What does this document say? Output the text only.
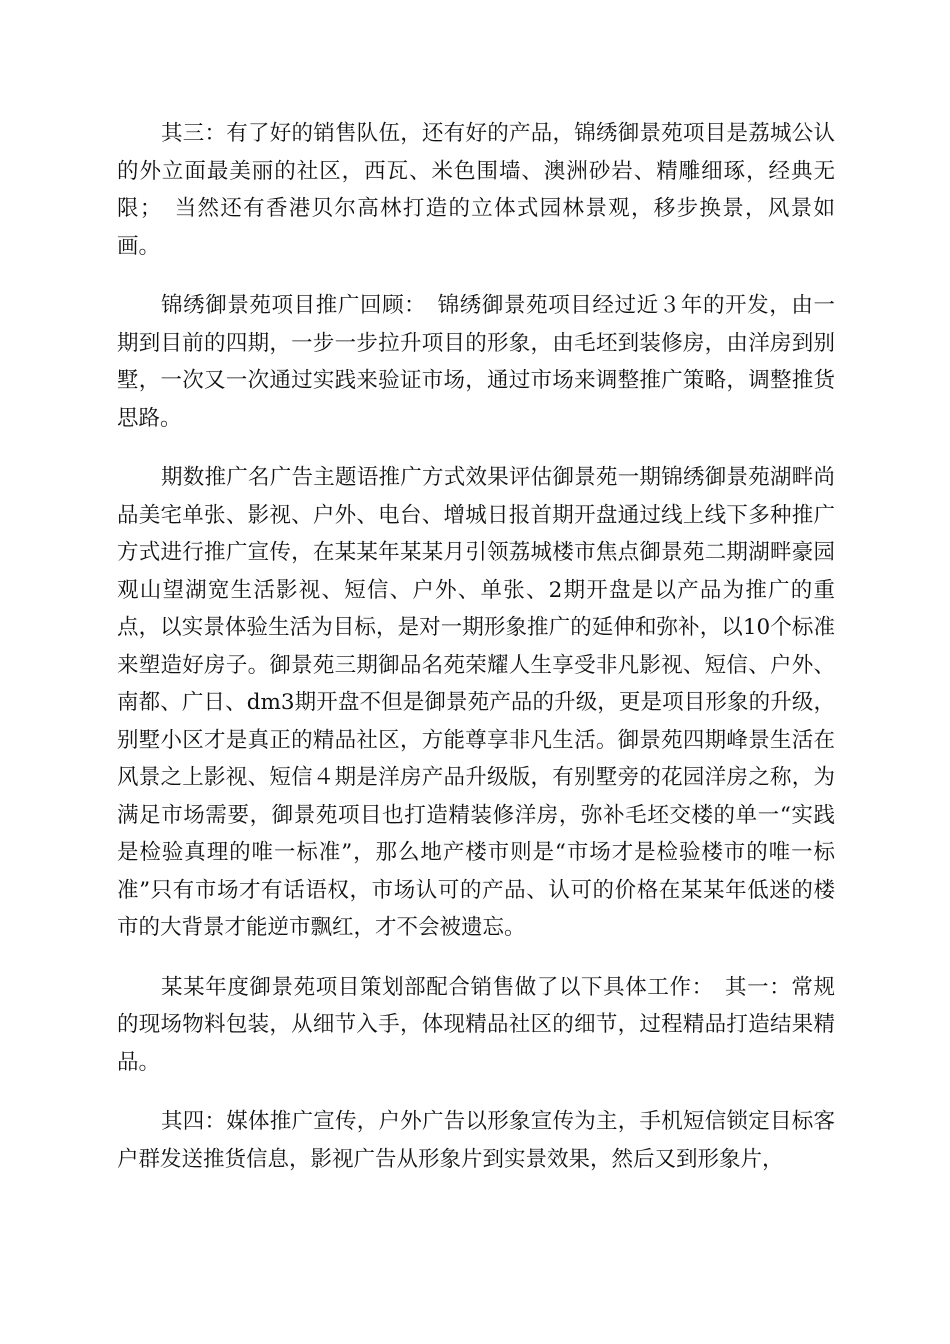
其三：有了好的销售队伍，还有好的产品，锦绣御景苑项目是荔城公认的外立面最美丽的社区，西瓦、米色围墙、澳洲砂岩、精雕细琢，经典无限；　当然还有香港贝尔高林打造的立体式园林景观，移步换景，风景如画。

锦绣御景苑项目推广回顾：　锦绣御景苑项目经过近３年的开发，由一期到目前的四期，一步一步拉升项目的形象，由毛坯到装修房，由洋房到别墅，一次又一次通过实践来验证市场，通过市场来调整推广策略，调整推货思路。

期数推广名广告主题语推广方式效果评估御景苑一期锦绣御景苑湖畔尚品美宅单张、影视、户外、电台、增城日报首期开盘通过线上线下多种推广方式进行推广宣传，在某某年某某月引领荔城楼市焦点御景苑二期湖畔豪园观山望湖宽生活影视、短信、户外、单张、2期开盘是以产品为推广的重点，以实景体验生活为目标，是对一期形象推广的延伸和弥补，以10个标准来塑造好房子。御景苑三期御品名苑荣耀人生享受非凡影视、短信、户外、南都、广日、dm3期开盘不但是御景苑产品的升级，更是项目形象的升级，别墅小区才是真正的精品社区，方能尊享非凡生活。御景苑四期峰景生活在风景之上影视、短信４期是洋房产品升级版，有别墅旁的花园洋房之称，为满足市场需要，御景苑项目也打造精装修洋房，弥补毛坯交楼的单一“实践是检验真理的唯一标准”，那么地产楼市则是“市场才是检验楼市的唯一标准”只有市场才有话语权，市场认可的产品、认可的价格在某某年低迷的楼市的大背景才能逆市飘红，才不会被遗忘。

某某年度御景苑项目策划部配合销售做了以下具体工作：　其一：常规的现场物料包装，从细节入手，体现精品社区的细节，过程精品打造结果精品。

其四：媒体推广宣传，户外广告以形象宣传为主，手机短信锁定目标客户群发送推货信息，影视广告从形象片到实景效果，然后又到形象片，
